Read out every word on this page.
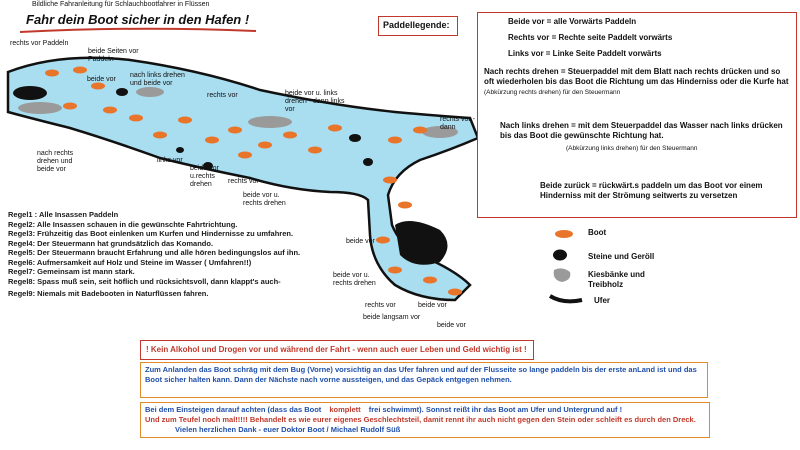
Bildliche Fahranleitung für Schlauchbootfahrer in Flüssen
Fahr dein Boot sicher in den Hafen !
rechts vor Paddeln
beide Seiten vor Paddeln
beide vor
nach links drehen und beide vor
rechts vor	beide vor u. links drehen - dann links vor
rechts vor - dann
nach rechts drehen und beide vor
links vor
beide vor u.rechts drehen	rechts vor
beide vor u. rechts drehen
beide vor
beide vor u. rechts drehen
rechts vor	beide vor
beide langsam vor
beide vor
Paddellegende:	Beide vor = alle Vorwärts Paddeln
Rechts vor = Rechte seite Paddelt vorwärts
Links vor = Linke Seite Paddelt vorwärts
Nach rechts drehen = Steuerpaddel mit dem Blatt nach rechts drücken und so oft wiederholen bis das Boot die Richtung um das Hinderniss oder die Kurfe hat (Abkürzung rechts drehen) für den Steuermann
Nach links drehen = mit dem Steuerpaddel das Wasser nach links drücken bis das Boot die gewünschte Richtung hat.
(Abkürzung links drehen) für den Steuermann
Beide zurück = rückwärt.s paddeln um das Boot vor einem Hinderniss mit der Strömung seitwerts zu versetzen
Boot
Steine und Geröll
Kiesbänke und Treibholz
Ufer
Regel1 : Alle Insassen Paddeln
Regel2: Alle Insassen schauen in die gewünschte Fahrtrichtung.
Regel3: Frühzeitig das Boot einlenken um Kurfen und Hindernisse zu umfahren.
Regel4: Der Steuermann hat grundsätzlich das Komando.
Regel5: Der Steuermann braucht Erfahrung und alle hören bedingungslos auf ihn.
Regel6: Aufmersamkeit auf Holz und Steine im Wasser ( Umfahren!!)
Regel7: Gemeinsam ist mann stark.
Regel8: Spass muß sein, seit höflich und rücksichtsvoll, dann klappt's auch-
Regel9: Niemals mit Badebooten in Naturflüssen fahren.
! Kein Alkohol und Drogen vor und während der Fahrt - wenn auch euer Leben und Geld wichtig ist !
Zum Anlanden das Boot schräg mit dem Bug (Vorne) vorsichtig an das Ufer fahren und auf der Flusseite so lange paddeln bis der erste anLand ist und das Boot sicher halten kann. Dann der Nächste nach vorne aussteigen, und das Gepäck entgegen nehmen.
Bei dem Einsteigen darauf achten (dass das Boot komplett frei schwimmt). Sonnst reißt ihr das Boot am Ufer und Untergrund auf !
Und zum Teufel noch mal!!!!! Behandelt es wie eurer eigenes Geschlechtsteil, damit rennt ihr auch nicht gegen den Stein oder schleift es durch den Dreck. Vielen herzlichen Dank - euer Doktor Boot / Michael Rudolf Süß
